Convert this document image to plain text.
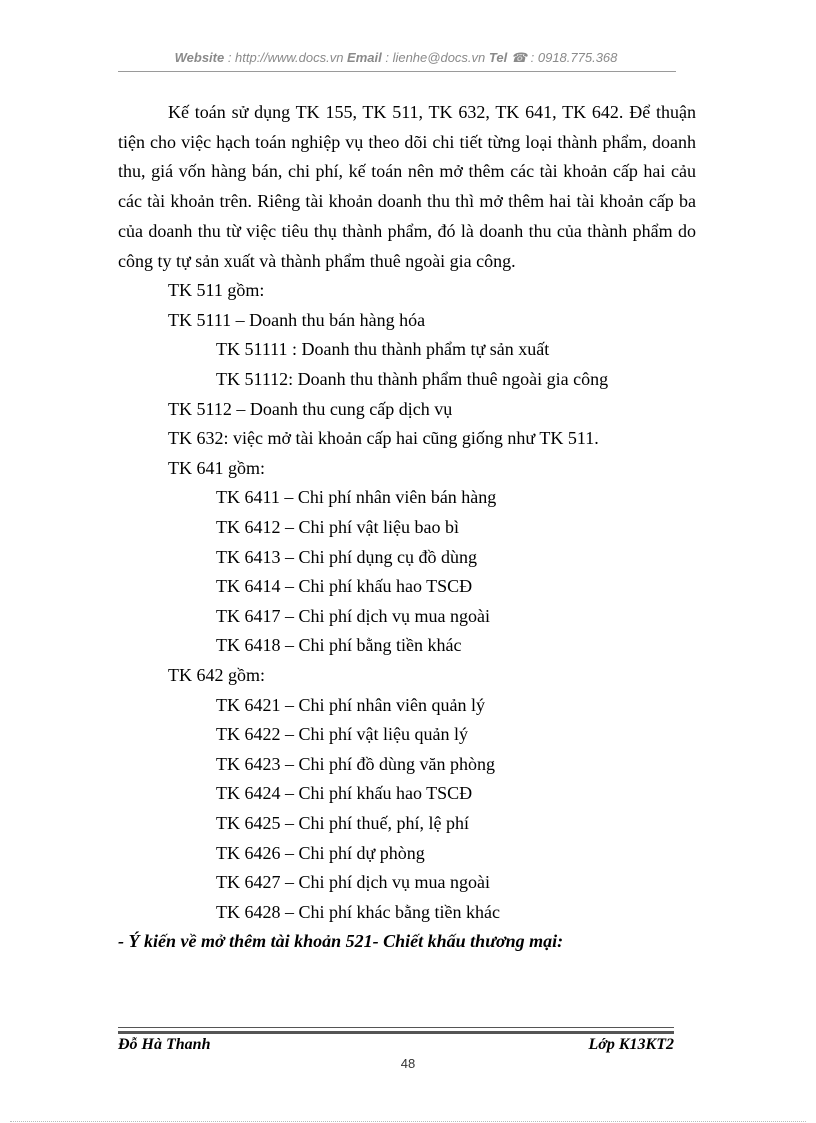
Website : http://www.docs.vn Email : lienhe@docs.vn Tel ☎ : 0918.775.368

Kế toán sử dụng TK 155, TK 511, TK 632, TK 641, TK 642. Để thuận tiện cho việc hạch toán nghiệp vụ theo dõi chi tiết từng loại thành phẩm, doanh thu, giá vốn hàng bán, chi phí, kế toán nên mở thêm các tài khoản cấp hai cảu các tài khoản trên. Riêng tài khoản doanh thu thì mở thêm hai tài khoản cấp ba của doanh thu từ việc tiêu thụ thành phẩm, đó là doanh thu của thành phẩm do công ty tự sản xuất và thành phẩm thuê ngoài gia công.

TK 511 gồm:
TK 5111 – Doanh thu bán hàng hóa
TK 51111 : Doanh thu thành phẩm tự sản xuất
TK 51112: Doanh thu thành phẩm thuê ngoài gia công
TK 5112 – Doanh thu cung cấp dịch vụ
TK 632: việc mở tài khoản cấp hai cũng giống như TK 511.
TK 641 gồm:
TK 6411 – Chi phí nhân viên bán hàng
TK 6412 – Chi phí vật liệu bao bì
TK 6413 – Chi phí dụng cụ đồ dùng
TK 6414 – Chi phí khấu hao TSCĐ
TK 6417 – Chi phí dịch vụ mua ngoài
TK 6418 – Chi phí bằng tiền khác
TK 642 gồm:
TK 6421 – Chi phí nhân viên quản lý
TK 6422 – Chi phí vật liệu quản lý
TK 6423 – Chi phí đồ dùng văn phòng
TK 6424 – Chi phí khấu hao TSCĐ
TK 6425 – Chi phí thuế, phí, lệ phí
TK 6426 – Chi phí dự phòng
TK 6427 – Chi phí dịch vụ mua ngoài
TK 6428 – Chi phí khác bằng tiền khác
- Ý kiến về mở thêm tài khoản 521- Chiết khấu thương mại:
Đỗ Hà Thanh	Lớp K13KT2
48
